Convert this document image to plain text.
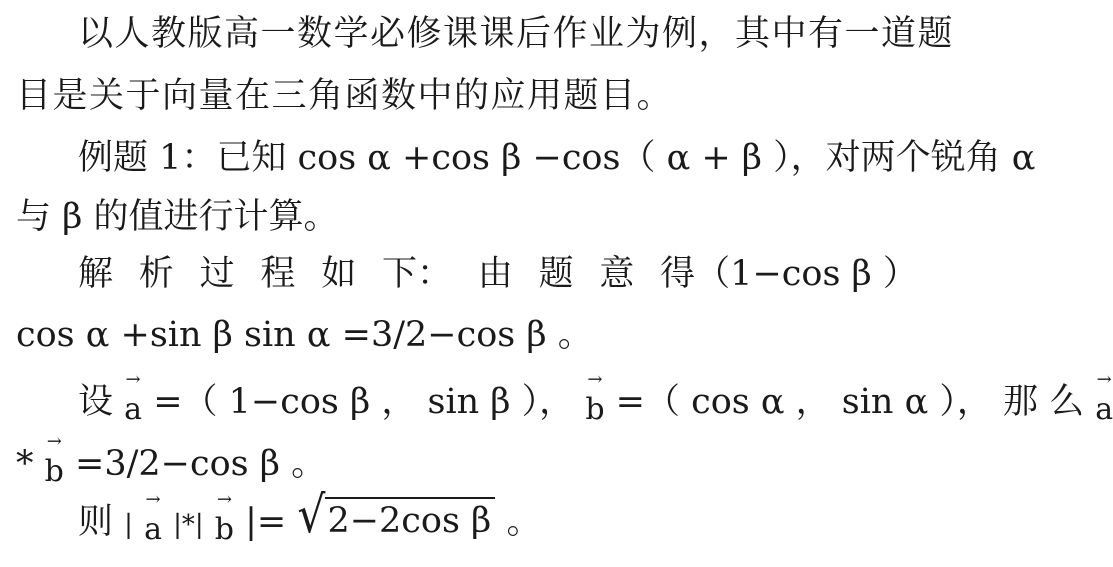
以人教版高一数学必修课课后作业为例，其中有一道题
目是关于向量在三角函数中的应用题目。
例题 1：已知 cos α +cos β −cos（ α + β ），对两个锐角 α
与 β 的值进行计算。
解 析 过 程 如 下： 由 题 意 得（1−cos β ）
cos α +sin β sin α =3/2−cos β 。
设
→
a =（ 1−cos β ， sin β ），
→
b =（ cos α ， sin α ）， 那 么
→
a
*
→
b =3/2−cos β 。
则 |
→
a |*|
→
b |= √ 2−2cos β 。
